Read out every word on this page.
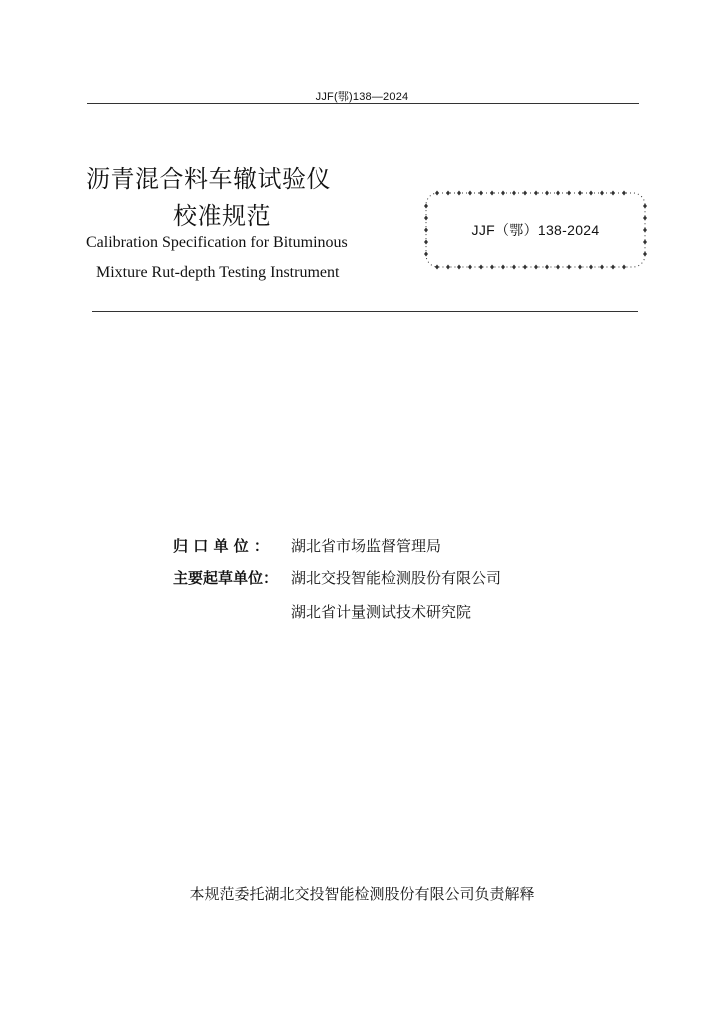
JJF(鄂)138—2024
沥青混合料车辙试验仪
校准规范
Calibration Specification for Bituminous
Mixture Rut-depth Testing Instrument
JJF（鄂）138-2024
归 口 单 位 ：	湖北省市场监督管理局
主要起草单位： 湖北交投智能检测股份有限公司
湖北省计量测试技术研究院
本规范委托湖北交投智能检测股份有限公司负责解释
